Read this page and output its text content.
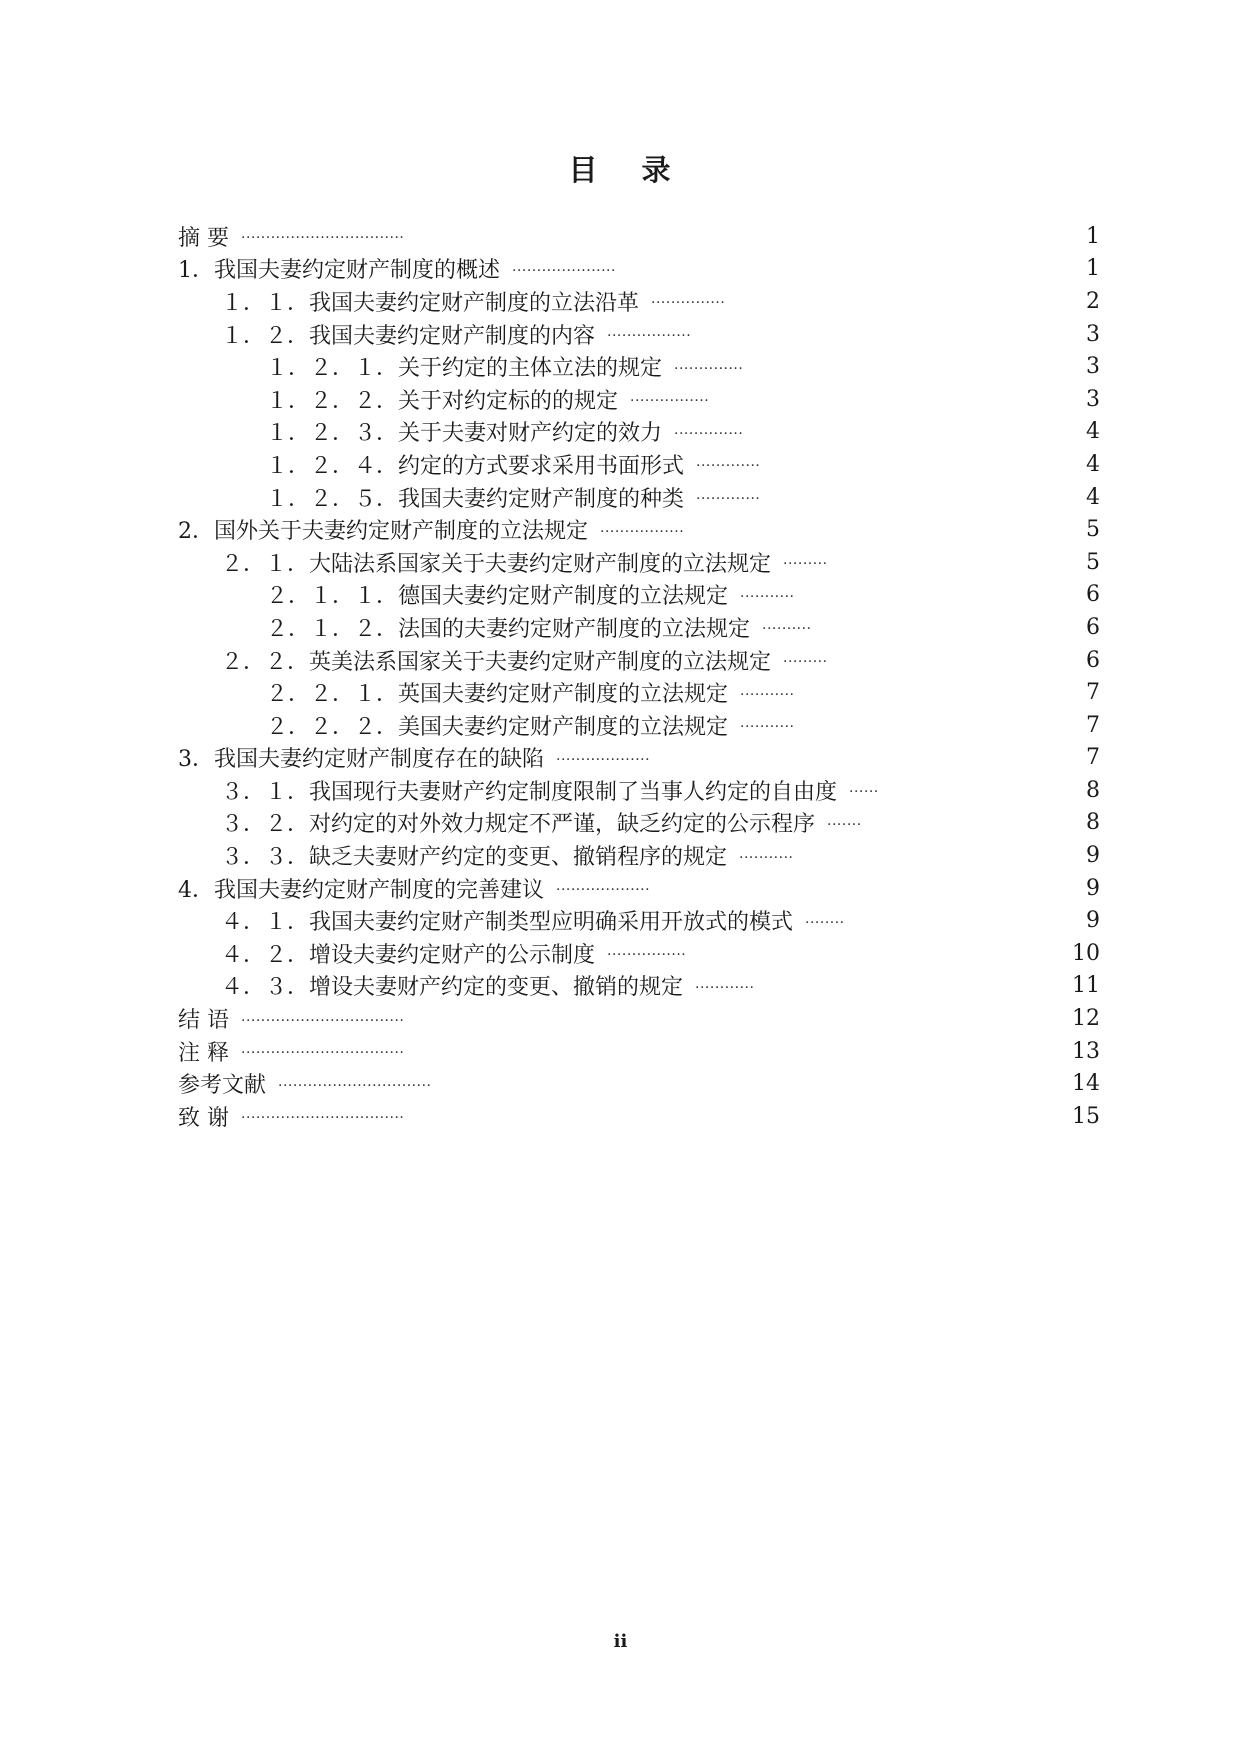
目 录
摘 要 ·································	1
1．我国夫妻约定财产制度的概述 ·····················	1
１．１．我国夫妻约定财产制度的立法沿革 ···············	2
１．２．我国夫妻约定财产制度的内容 ·················	3
１．２．１．关于约定的主体立法的规定 ··············	3
１．２．２．关于对约定标的的规定 ················	3
１．２．３．关于夫妻对财产约定的效力 ··············	4
１．２．４．约定的方式要求采用书面形式 ·············	4
１．２．５．我国夫妻约定财产制度的种类 ·············	4
2．国外关于夫妻约定财产制度的立法规定 ·················	5
２．１．大陆法系国家关于夫妻约定财产制度的立法规定 ·········	5
２．１．１．德国夫妻约定财产制度的立法规定 ···········	6
２．１．２．法国的夫妻约定财产制度的立法规定 ··········	6
２．２．英美法系国家关于夫妻约定财产制度的立法规定 ·········	6
２．２．１．英国夫妻约定财产制度的立法规定 ···········	7
２．２．２．美国夫妻约定财产制度的立法规定 ···········	7
3．我国夫妻约定财产制度存在的缺陷 ···················	7
３．１．我国现行夫妻财产约定制度限制了当事人约定的自由度 ······	8
３．２．对约定的对外效力规定不严谨，缺乏约定的公示程序 ·······	8
３．３．缺乏夫妻财产约定的变更、撤销程序的规定 ···········	9
4．我国夫妻约定财产制度的完善建议 ···················	9
４．１．我国夫妻约定财产制类型应明确采用开放式的模式 ········	9
４．２．增设夫妻约定财产的公示制度 ················	10
４．３．增设夫妻财产约定的变更、撤销的规定 ············	11
结 语 ·································	12
注 释 ·································	13
参考文献 ·······························	14
致 谢 ·································	15

ii
